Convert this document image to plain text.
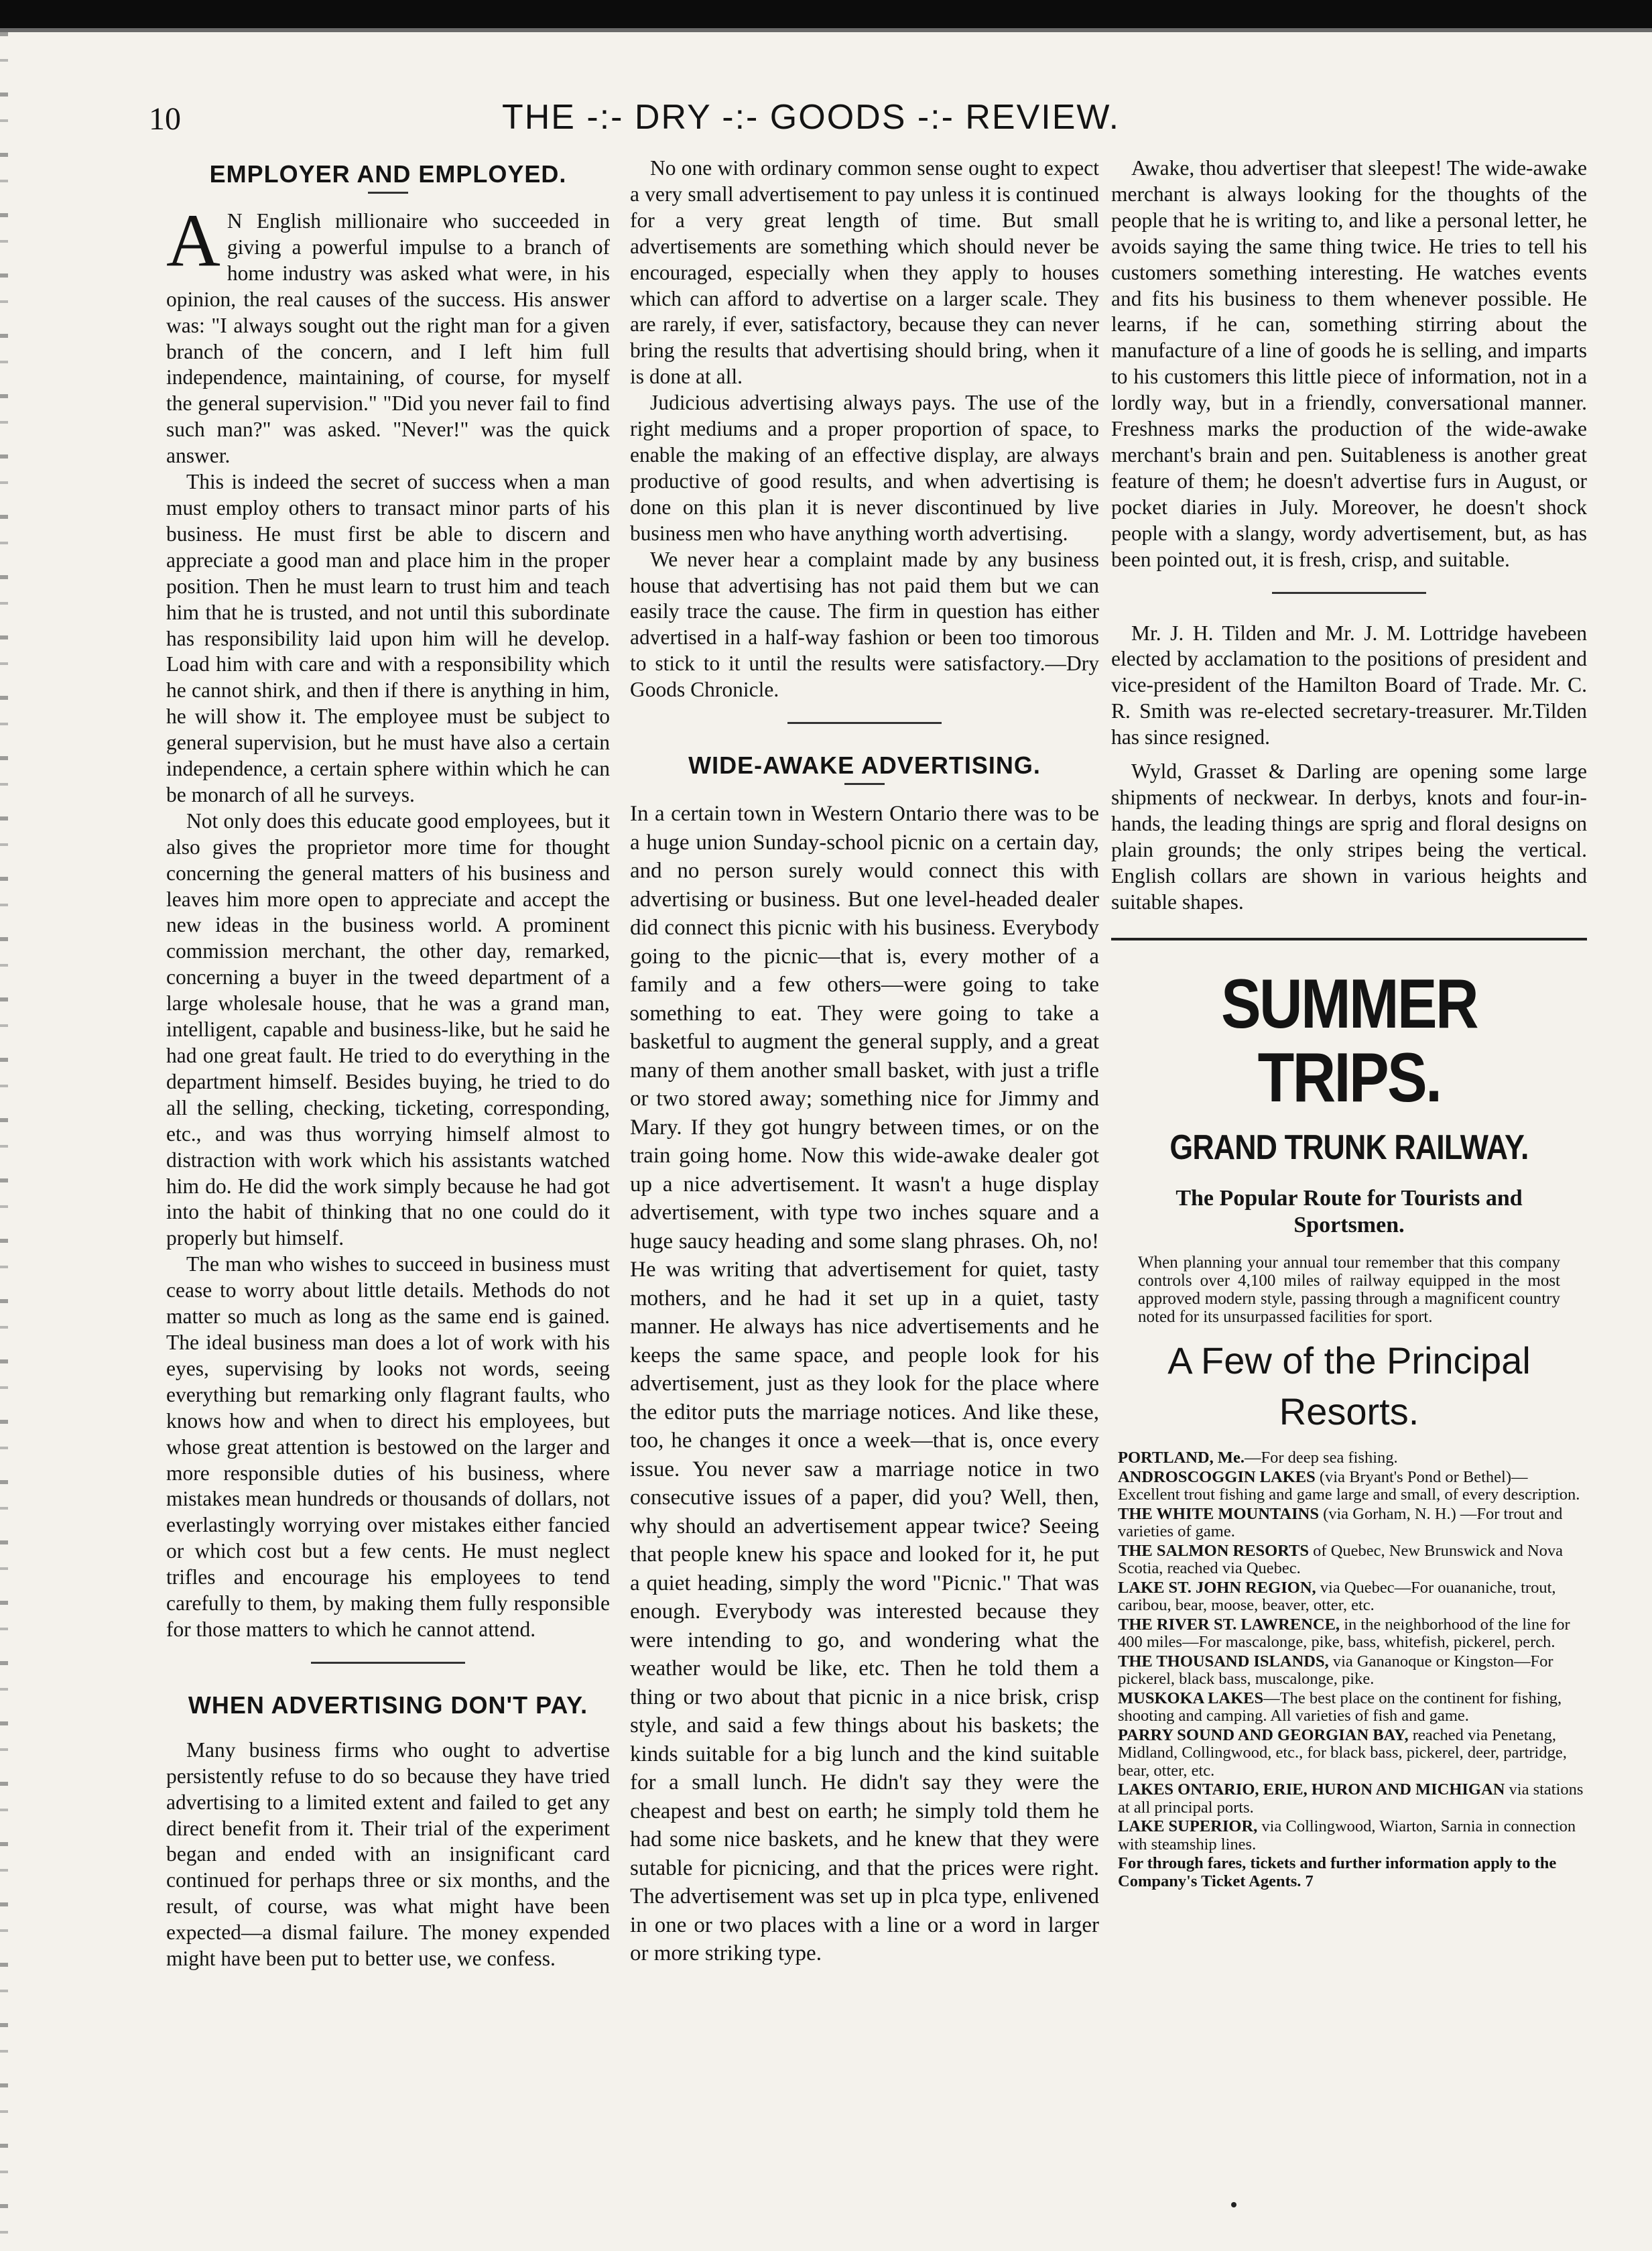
10	THE -:- DRY -:- GOODS -:- REVIEW.
EMPLOYER AND EMPLOYED.

A N English millionaire who succeeded in giving a powerful impulse to a branch of home industry was asked what were, in his opinion, the real causes of the success. His answer was: "I always sought out the right man for a given branch of the concern, and I left him full independence, maintaining, of course, for myself the general supervision." "Did you never fail to find such man?" was asked. "Never!" was the quick answer.

This is indeed the secret of success when a man must employ others to transact minor parts of his business. He must first be able to discern and appreciate a good man and place him in the proper position. Then he must learn to trust him and teach him that he is trusted, and not until this subordinate has responsibility laid upon him will he develop. Load him with care and with a responsibility which he cannot shirk, and then if there is anything in him, he will show it. The employee must be subject to general supervision, but he must have also a certain independence, a certain sphere within which he can be monarch of all he surveys.

Not only does this educate good employees, but it also gives the proprietor more time for thought concerning the general matters of his business and leaves him more open to appreciate and accept the new ideas in the business world. A prominent commission merchant, the other day, remarked, concerning a buyer in the tweed department of a large wholesale house, that he was a grand man, intelligent, capable and business-like, but he said he had one great fault. He tried to do everything in the department himself. Besides buying, he tried to do all the selling, checking, ticketing, corresponding, etc., and was thus worrying himself almost to distraction with work which his assistants watched him do. He did the work simply because he had got into the habit of thinking that no one could do it properly but himself.

The man who wishes to succeed in business must cease to worry about little details. Methods do not matter so much as long as the same end is gained. The ideal business man does a lot of work with his eyes, supervising by looks not words, seeing everything but remarking only flagrant faults, who knows how and when to direct his employees, but whose great attention is bestowed on the larger and more responsible duties of his business, where mistakes mean hundreds or thousands of dollars, not everlastingly worrying over mistakes either fancied or which cost but a few cents. He must neglect trifles and encourage his employees to tend carefully to them, by making them fully responsible for those matters to which he cannot attend.

WHEN ADVERTISING DON'T PAY.

Many business firms who ought to advertise persistently refuse to do so because they have tried advertising to a limited extent and failed to get any direct benefit from it. Their trial of the experiment began and ended with an insignificant card continued for perhaps three or six months, and the result, of course, was what might have been expected—a dismal failure. The money expended might have been put to better use, we confess.

No one with ordinary common sense ought to expect a very small advertisement to pay unless it is continued for a very great length of time. But small advertisements are something which should never be encouraged, especially when they apply to houses which can afford to advertise on a larger scale. They are rarely, if ever, satisfactory, because they can never bring the results that advertising should bring, when it is done at all.

Judicious advertising always pays. The use of the right mediums and a proper proportion of space, to enable the making of an effective display, are always productive of good results, and when advertising is done on this plan it is never discontinued by live business men who have anything worth advertising.

We never hear a complaint made by any business house that advertising has not paid them but we can easily trace the cause. The firm in question has either advertised in a half-way fashion or been too timorous to stick to it until the results were satisfactory.—Dry Goods Chronicle.

WIDE-AWAKE ADVERTISING.

In a certain town in Western Ontario there was to be a huge union Sunday-school picnic on a certain day, and no person surely would connect this with advertising or business. But one level-headed dealer did connect this picnic with his business. Everybody going to the picnic—that is, every mother of a family and a few others—were going to take something to eat. They were going to take a basketful to augment the general supply, and a great many of them another small basket, with just a trifle or two stored away; something nice for Jimmy and Mary. If they got hungry between times, or on the train going home. Now this wide-awake dealer got up a nice advertisement. It wasn't a huge display advertisement, with type two inches square and a huge saucy heading and some slang phrases. Oh, no! He was writing that advertisement for quiet, tasty mothers, and he had it set up in a quiet, tasty manner. He always has nice advertisements and he keeps the same space, and people look for his advertisement, just as they look for the place where the editor puts the marriage notices. And like these, too, he changes it once a week—that is, once every issue. You never saw a marriage notice in two consecutive issues of a paper, did you? Well, then, why should an advertisement appear twice? Seeing that people knew his space and looked for it, he put a quiet heading, simply the word "Picnic." That was enough. Everybody was interested because they were intending to go, and wondering what the weather would be like, etc. Then he told them a thing or two about that picnic in a nice brisk, crisp style, and said a few things about his baskets; the kinds suitable for a big lunch and the kind suitable for a small lunch. He didn't say they were the cheapest and best on earth; he simply told them he had some nice baskets, and he knew that they were sutable for picnicing, and that the prices were right. The advertisement was set up in plca type, enlivened in one or two places with a line or a word in larger or more striking type.

Awake, thou advertiser that sleepest! The wide-awake merchant is always looking for the thoughts of the people that he is writing to, and like a personal letter, he avoids saying the same thing twice. He tries to tell his customers something interesting. He watches events and fits his business to them whenever possible. He learns, if he can, something stirring about the manufacture of a line of goods he is selling, and imparts to his customers this little piece of information, not in a lordly way, but in a friendly, conversational manner. Freshness marks the production of the wide-awake merchant's brain and pen. Suitableness is another great feature of them; he doesn't advertise furs in August, or pocket diaries in July. Moreover, he doesn't shock people with a slangy, wordy advertisement, but, as has been pointed out, it is fresh, crisp, and suitable.

Mr. J. H. Tilden and Mr. J. M. Lottridge havebeen elected by acclamation to the positions of president and vice-president of the Hamilton Board of Trade. Mr. C. R. Smith was re-elected secretary-treasurer. Mr.Tilden has since resigned.

Wyld, Grasset & Darling are opening some large shipments of neckwear. In derbys, knots and four-in-hands, the leading things are sprig and floral designs on plain grounds; the only stripes being the vertical. English collars are shown in various heights and suitable shapes.

SUMMER TRIPS.
GRAND TRUNK RAILWAY.
The Popular Route for Tourists and Sportsmen.
When planning your annual tour remember that this company controls over 4,100 miles of railway equipped in the most approved modern style, passing through a magnificent country noted for its unsurpassed facilities for sport.
A Few of the Principal Resorts.
PORTLAND, Me.—For deep sea fishing.
ANDROSCOGGIN LAKES (via Bryant's Pond or Bethel)—Excellent trout fishing and game large and small, of every description.
THE WHITE MOUNTAINS (via Gorham, N. H.) —For trout and varieties of game.
THE SALMON RESORTS of Quebec, New Brunswick and Nova Scotia, reached via Quebec.
LAKE ST. JOHN REGION, via Quebec—For ouananiche, trout, caribou, bear, moose, beaver, otter, etc.
THE RIVER ST. LAWRENCE, in the neighborhood of the line for 400 miles—For mascalonge, pike, bass, whitefish, pickerel, perch.
THE THOUSAND ISLANDS, via Gananoque or Kingston—For pickerel, black bass, muscalonge, pike.
MUSKOKA LAKES—The best place on the continent for fishing, shooting and camping. All varieties of fish and game.
PARRY SOUND AND GEORGIAN BAY, reached via Penetang, Midland, Collingwood, etc., for black bass, pickerel, deer, partridge, bear, otter, etc.
LAKES ONTARIO, ERIE, HURON AND MICHIGAN via stations at all principal ports.
LAKE SUPERIOR, via Collingwood, Wiarton, Sarnia in connection with steamship lines.
For through fares, tickets and further information apply to the Company's Ticket Agents. 7
